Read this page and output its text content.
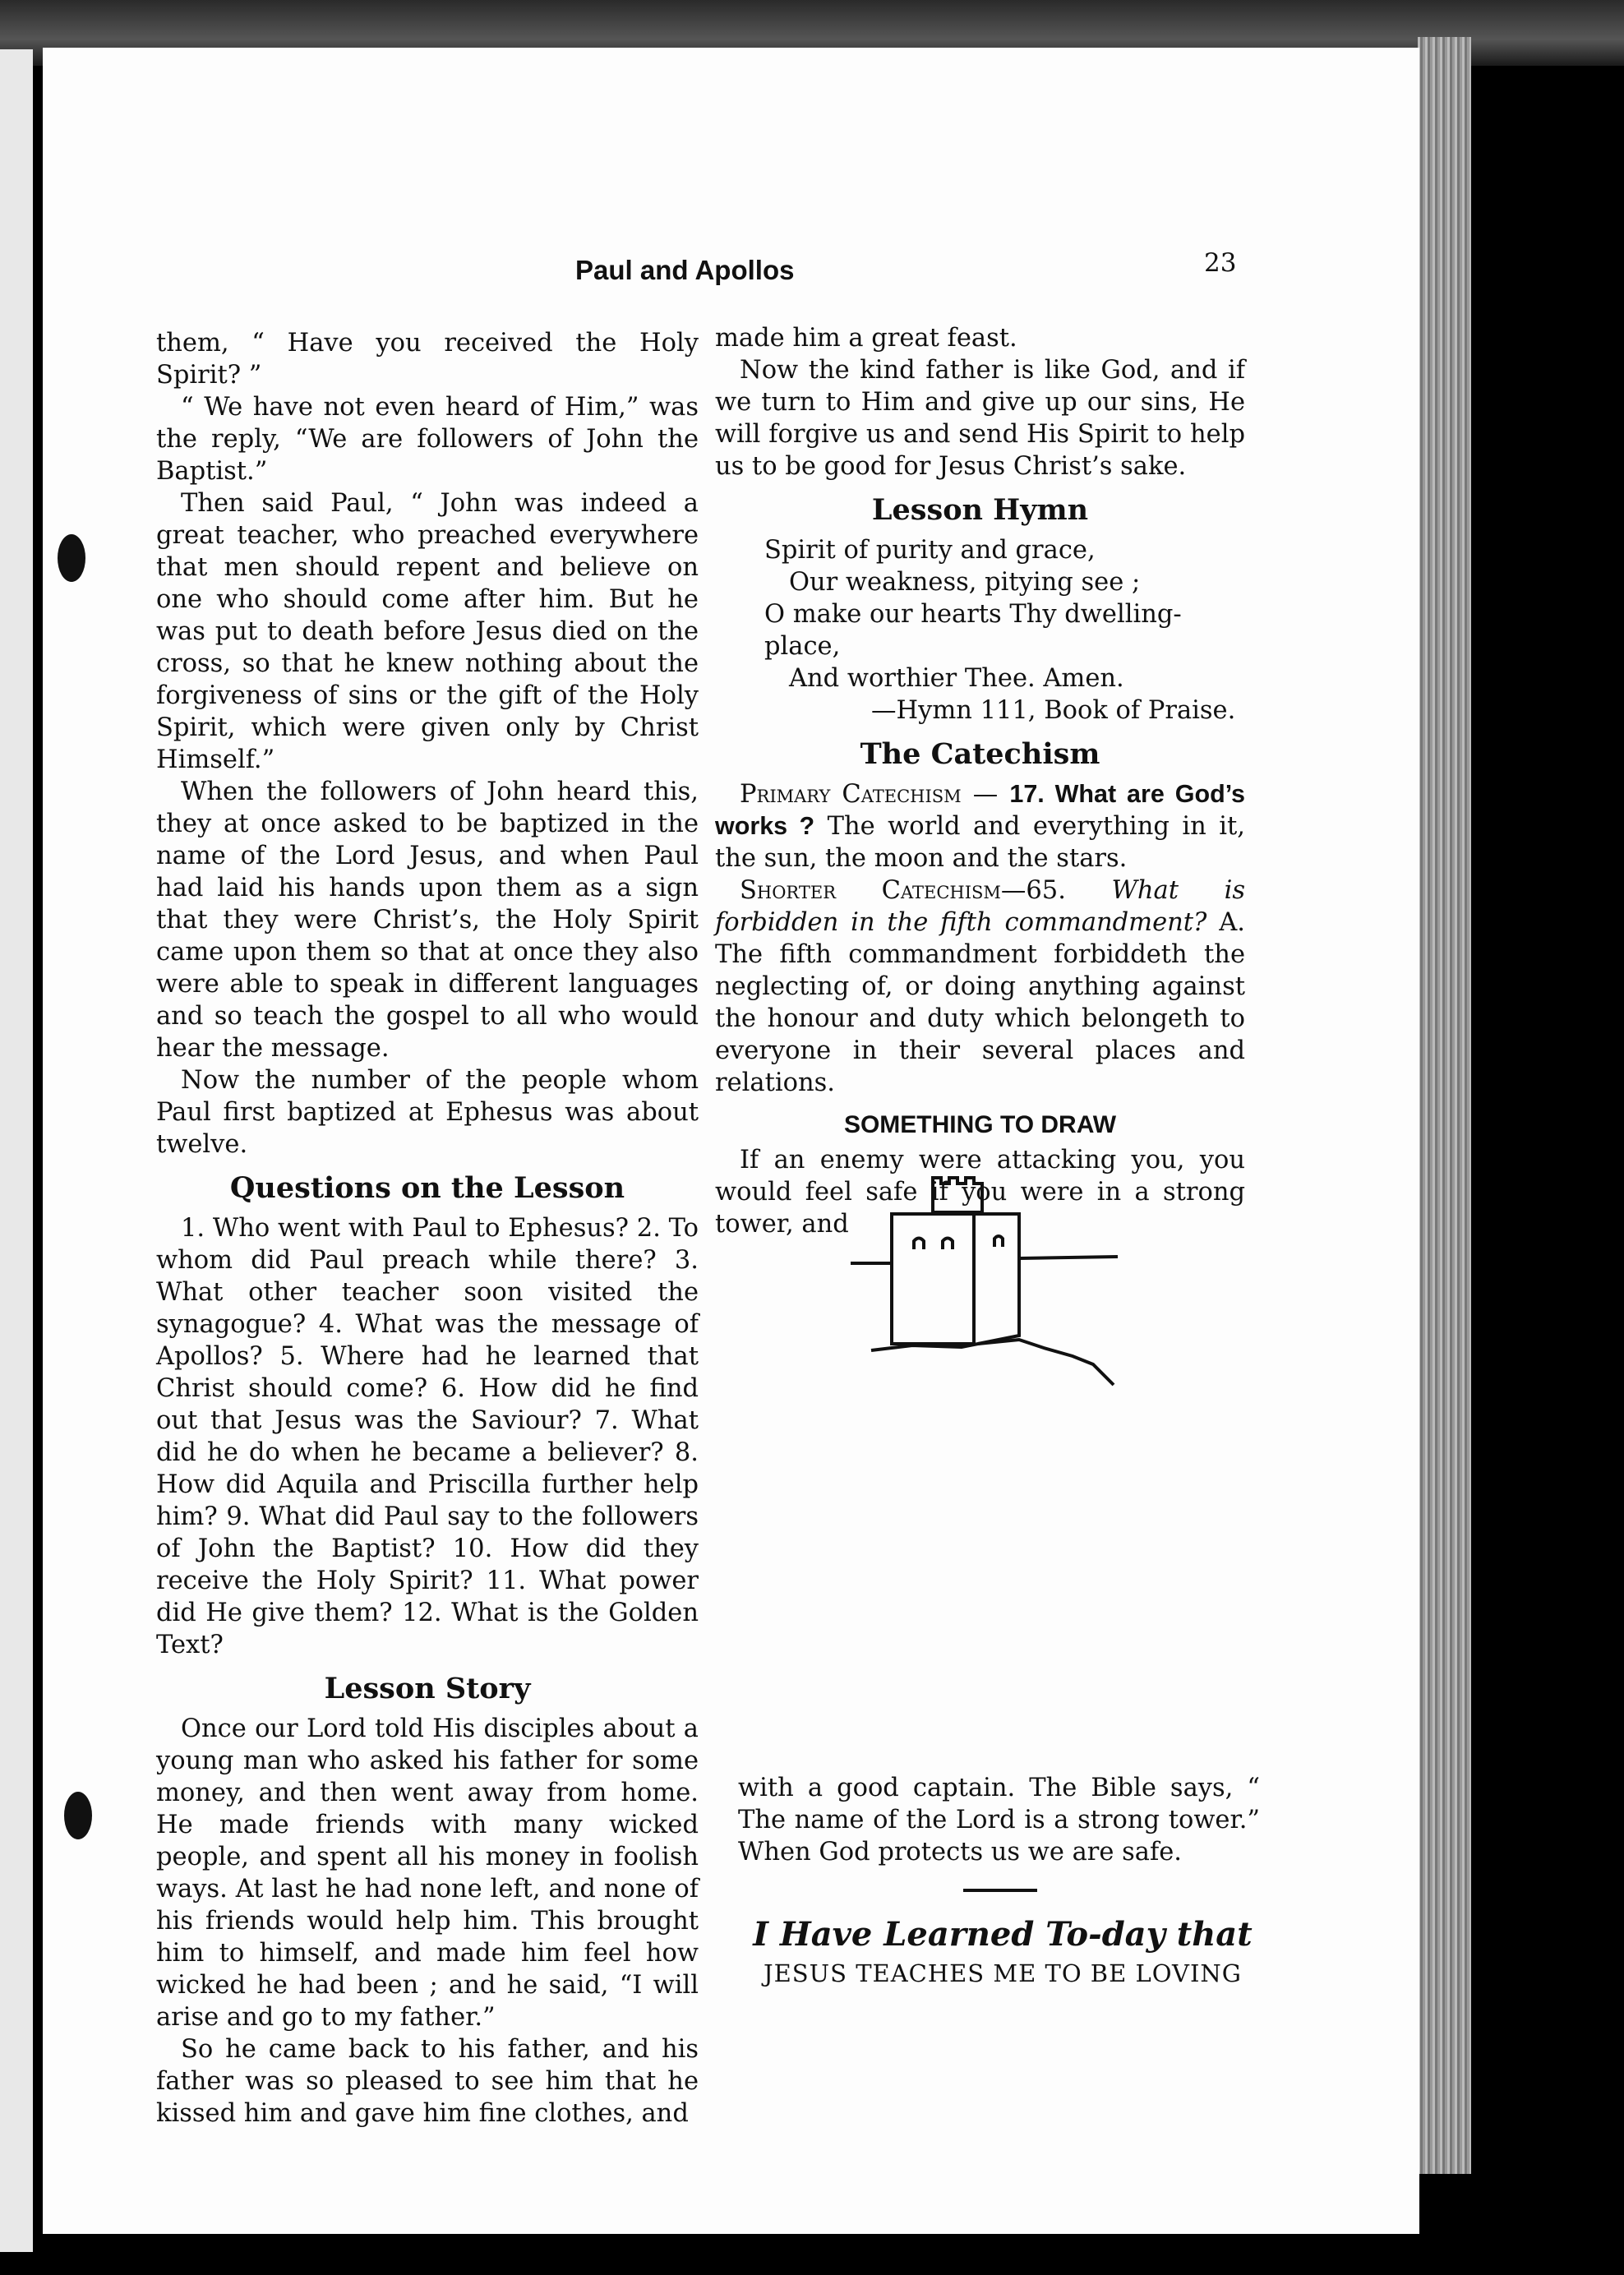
Paul and Apollos	23

them, “ Have you received the Holy Spirit? ”

“ We have not even heard of Him,” was the reply, “We are followers of John the Baptist.”

Then said Paul, “ John was indeed a great teacher, who preached everywhere that men should repent and believe on one who should come after him. But he was put to death before Jesus died on the cross, so that he knew nothing about the forgiveness of sins or the gift of the Holy Spirit, which were given only by Christ Himself.”

When the followers of John heard this, they at once asked to be baptized in the name of the Lord Jesus, and when Paul had laid his hands upon them as a sign that they were Christ’s, the Holy Spirit came upon them so that at once they also were able to speak in different languages and so teach the gospel to all who would hear the message.

Now the number of the people whom Paul first baptized at Ephesus was about twelve.

Questions on the Lesson

1. Who went with Paul to Ephesus? 2. To whom did Paul preach while there? 3. What other teacher soon visited the synagogue? 4. What was the message of Apollos? 5. Where had he learned that Christ should come? 6. How did he find out that Jesus was the Saviour? 7. What did he do when he became a believer? 8. How did Aquila and Priscilla further help him? 9. What did Paul say to the followers of John the Baptist? 10. How did they receive the Holy Spirit? 11. What power did He give them? 12. What is the Golden Text?

Lesson Story

Once our Lord told His disciples about a young man who asked his father for some money, and then went away from home. He made friends with many wicked people, and spent all his money in foolish ways. At last he had none left, and none of his friends would help him. This brought him to himself, and made him feel how wicked he had been ; and he said, “I will arise and go to my father.”

So he came back to his father, and his father was so pleased to see him that he kissed him and gave him fine clothes, and

made him a great feast.

Now the kind father is like God, and if we turn to Him and give up our sins, He will forgive us and send His Spirit to help us to be good for Jesus Christ’s sake.

Lesson Hymn
Spirit of purity and grace,
Our weakness, pitying see ;
O make our hearts Thy dwelling-place,
And worthier Thee. Amen.
—Hymn 111, Book of Praise.
The Catechism

Primary Catechism — 17. What are God’s works ? The world and everything in it, the sun, the moon and the stars.

Shorter Catechism—65. What is forbidden in the fifth commandment? A. The fifth commandment forbiddeth the neglecting of, or doing anything against the honour and duty which belongeth to everyone in their several places and relations.

SOMETHING TO DRAW

If an enemy were attacking you, you would feel safe if you were in a strong tower, and

with a good captain. The Bible says, “ The name of the Lord is a strong tower.” When God protects us we are safe.

I Have Learned To-day that
JESUS TEACHES ME TO BE LOVING
